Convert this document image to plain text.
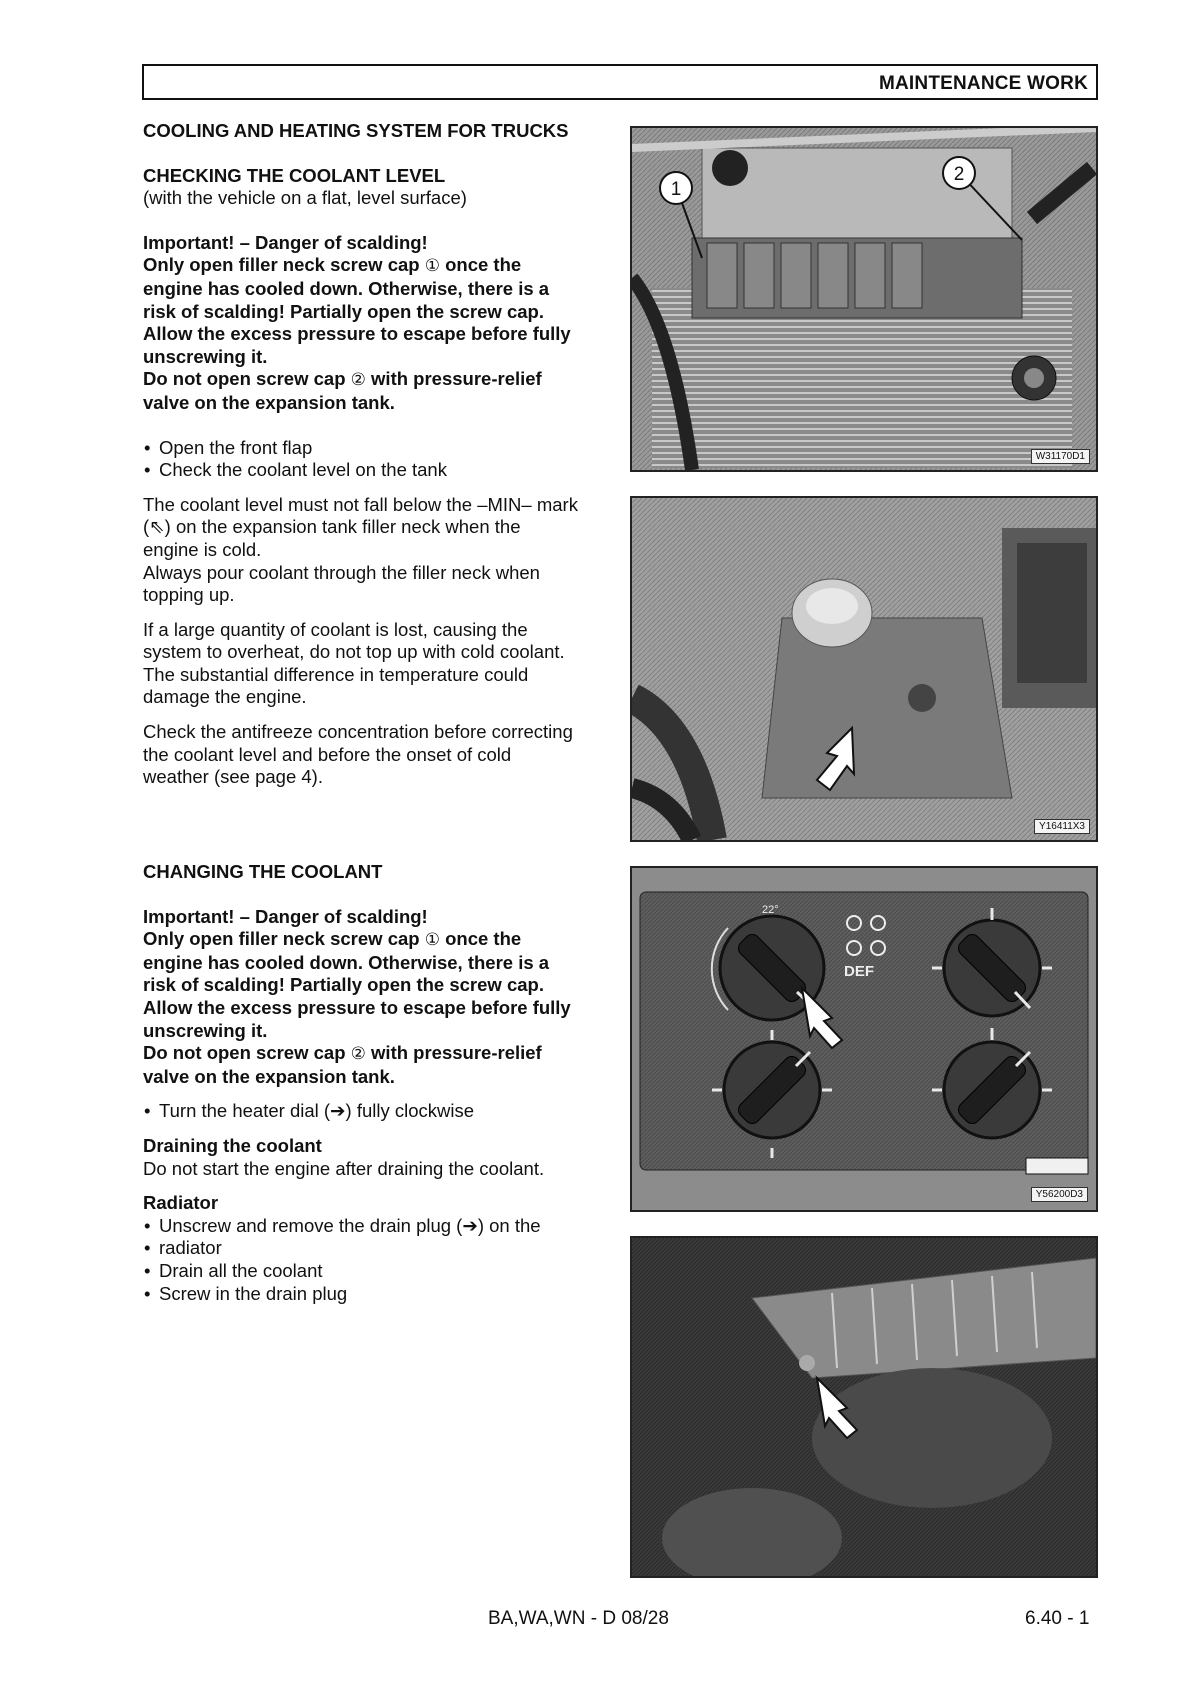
MAINTENANCE WORK

COOLING AND HEATING SYSTEM FOR TRUCKS

CHECKING THE COOLANT LEVEL

(with the vehicle on a flat, level surface)

Important! – Danger of scalding!

Only open filler neck screw cap ① once the

engine has cooled down. Otherwise, there is a

risk of scalding! Partially open the screw cap.

Allow the excess pressure to escape before fully

unscrewing it.

Do not open screw cap ② with pressure-relief

valve on the expansion tank.

• Open the front flap
• Check the coolant level on the tank

The coolant level must not fall below the –MIN– mark

(⇖) on the expansion tank filler neck when the

engine is cold.

Always pour coolant through the filler neck when

topping up.

If a large quantity of coolant is lost, causing the

system to overheat, do not top up with cold coolant.

The substantial difference in temperature could

damage the engine.

Check the antifreeze concentration before correcting

the coolant level and before the onset of cold

weather (see page 4).

CHANGING THE COOLANT

Important! – Danger of scalding!

Only open filler neck screw cap ① once the

engine has cooled down. Otherwise, there is a

risk of scalding! Partially open the screw cap.

Allow the excess pressure to escape before fully

unscrewing it.

Do not open screw cap ② with pressure-relief

valve on the expansion tank.

• Turn the heater dial (➔) fully clockwise

Draining the coolant

Do not start the engine after draining the coolant.

Radiator

• Unscrew and remove the drain plug (➔) on the
• radiator
• Drain all the coolant
• Screw in the drain plug
1
2
W31170D1
Y16411X3
22°
DEF
Y56200D3
BA,WA,WN - D 08/28	6.40 - 1
